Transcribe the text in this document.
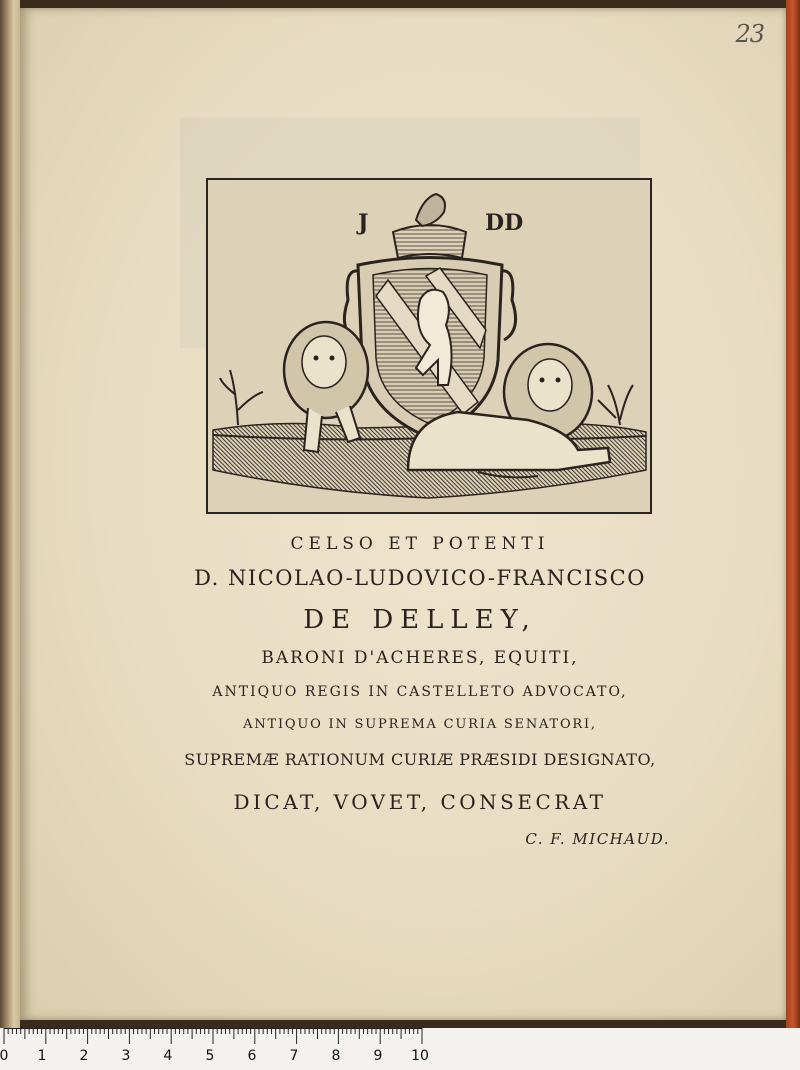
23
J	DD
CELSO ET POTENTI
D. NICOLAO-LUDOVICO-FRANCISCO
DE DELLEY,
BARONI D'ACHERES, EQUITI,
ANTIQUO REGIS IN CASTELLETO ADVOCATO,
ANTIQUO IN SUPREMA CURIA SENATORI,
SUPREMÆ RATIONUM CURIÆ PRÆSIDI DESIGNATO,
DICAT, VOVET, CONSECRAT
C. F. MICHAUD.
0 1 2 3 4 5 6 7 8 9 10
